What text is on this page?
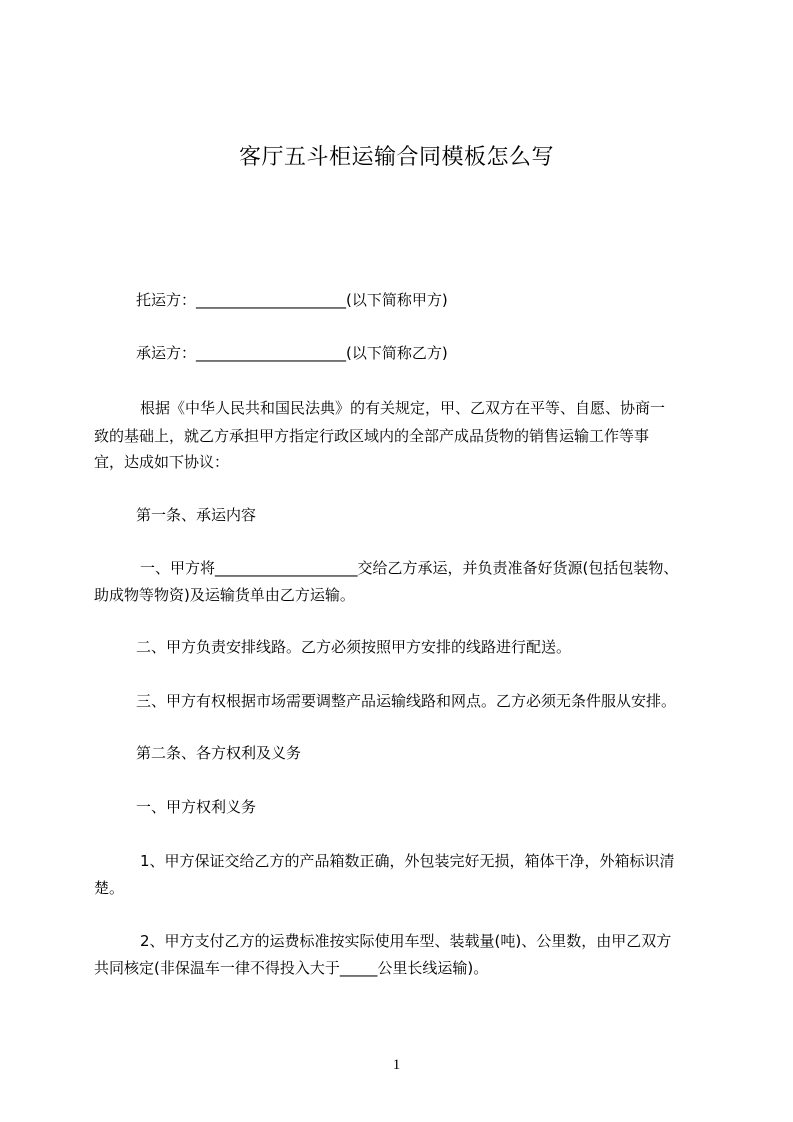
客厅五斗柜运输合同模板怎么写
托运方：____________________(以下简称甲方)
承运方：____________________(以下简称乙方)
根据《中华人民共和国民法典》的有关规定，甲、乙双方在平等、自愿、协商一
致的基础上，就乙方承担甲方指定行政区域内的全部产成品货物的销售运输工作等事
宜，达成如下协议：
第一条、承运内容
一、甲方将___________________交给乙方承运，并负责准备好货源(包括包装物、
助成物等物资)及运输货单由乙方运输。
二、甲方负责安排线路。乙方必须按照甲方安排的线路进行配送。
三、甲方有权根据市场需要调整产品运输线路和网点。乙方必须无条件服从安排。
第二条、各方权利及义务
一、甲方权利义务
1、甲方保证交给乙方的产品箱数正确，外包装完好无损，箱体干净，外箱标识清
楚。
2、甲方支付乙方的运费标准按实际使用车型、装载量(吨)、公里数，由甲乙双方
共同核定(非保温车一律不得投入大于_____公里长线运输)。
1
